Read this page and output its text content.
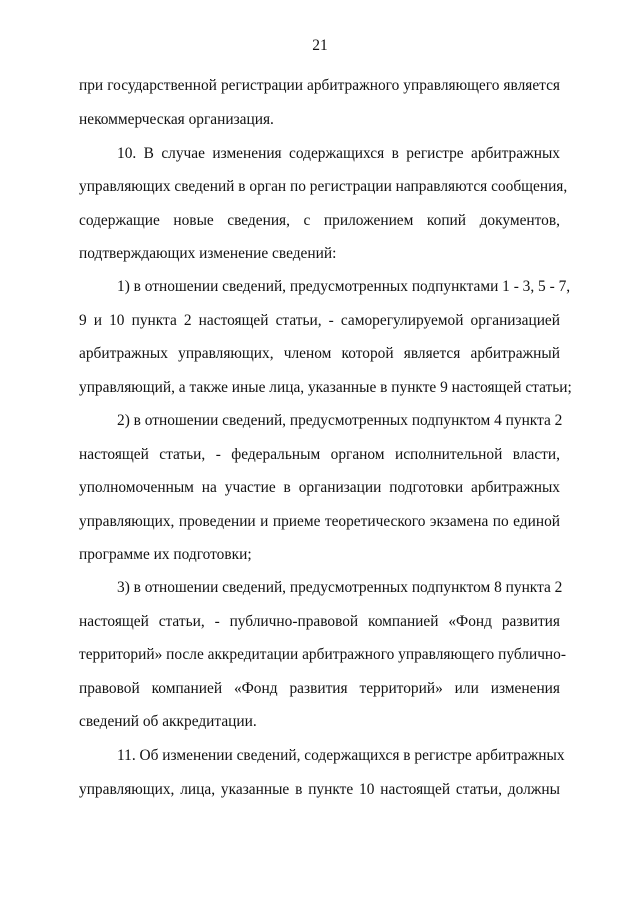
21
при государственной регистрации арбитражного управляющего является
некоммерческая организация.
10. В случае изменения содержащихся в регистре арбитражных
управляющих сведений в орган по регистрации направляются сообщения,
содержащие новые сведения, с приложением копий документов,
подтверждающих изменение сведений:
1) в отношении сведений, предусмотренных подпунктами 1 - 3, 5 - 7,
9 и 10 пункта 2 настоящей статьи, - саморегулируемой организацией
арбитражных управляющих, членом которой является арбитражный
управляющий, а также иные лица, указанные в пункте 9 настоящей статьи;
2) в отношении сведений, предусмотренных подпунктом 4 пункта 2
настоящей статьи, - федеральным органом исполнительной власти,
уполномоченным на участие в организации подготовки арбитражных
управляющих, проведении и приеме теоретического экзамена по единой
программе их подготовки;
3) в отношении сведений, предусмотренных подпунктом 8 пункта 2
настоящей статьи, - публично-правовой компанией «Фонд развития
территорий» после аккредитации арбитражного управляющего публично-
правовой компанией «Фонд развития территорий» или изменения
сведений об аккредитации.
11. Об изменении сведений, содержащихся в регистре арбитражных
управляющих, лица, указанные в пункте 10 настоящей статьи, должны
